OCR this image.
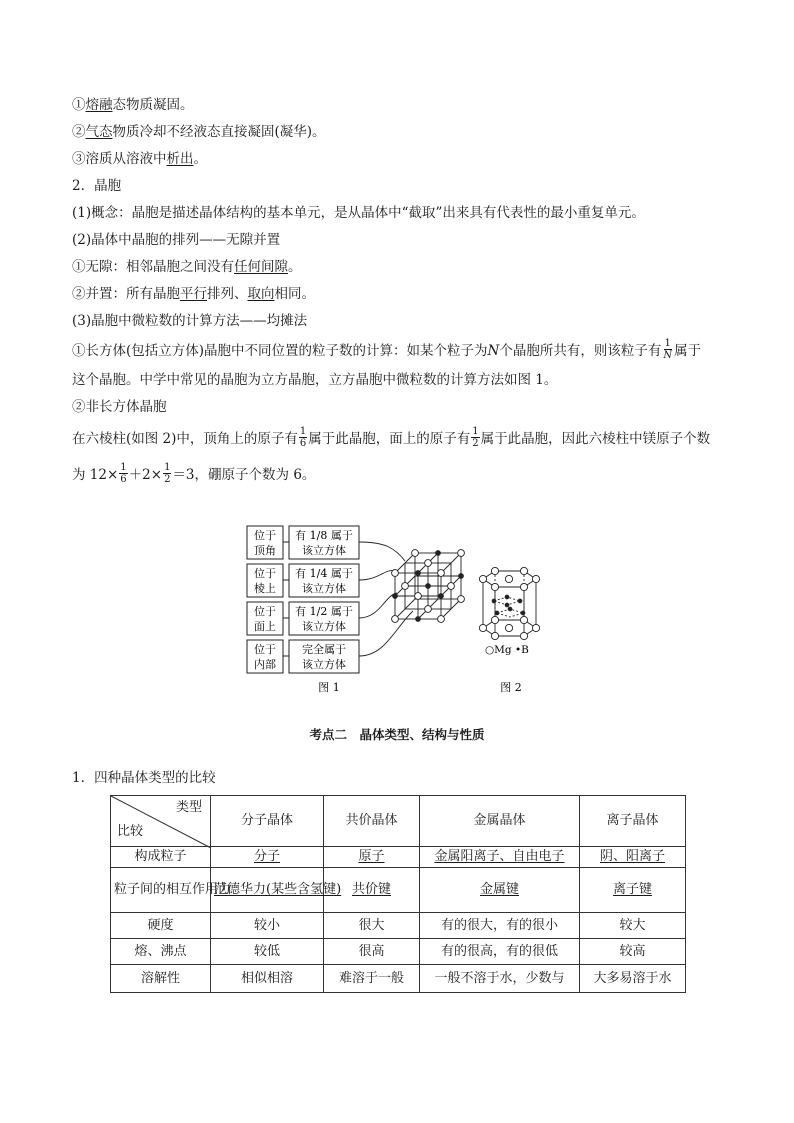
①熔融态物质凝固。
②气态物质冷却不经液态直接凝固(凝华)。
③溶质从溶液中析出。
2．晶胞
(1)概念：晶胞是描述晶体结构的基本单元，是从晶体中“截取”出来具有代表性的最小重复单元。
(2)晶体中晶胞的排列——无隙并置
①无隙：相邻晶胞之间没有任何间隙。
②并置：所有晶胞平行排列、取向相同。
(3)晶胞中微粒数的计算方法——均摊法
①长方体(包括立方体)晶胞中不同位置的粒子数的计算：如某个粒子为N个晶胞所共有，则该粒子有 $\frac{1}{N}$ 属于
这个晶胞。中学中常见的晶胞为立方晶胞，立方晶胞中微粒数的计算方法如图 1。
②非长方体晶胞
在六棱柱(如图 2)中，顶角上的原子有 $\frac{1}{6}$ 属于此晶胞，面上的原子有 $\frac{1}{2}$ 属于此晶胞，因此六棱柱中镁原子个数
为 $12\times \frac{1}{6} +2\times \frac{1}{2} =3$，硼原子个数为 6。
位于
顶角
有 1/8 属于
该立方体
位于
棱上
有 1/4 属于
该立方体
位于
面上
有 1/2 属于
该立方体
位于
内部
完全属于
该立方体
○Mg •B
图 1	图 2
考点二　晶体类型、结构与性质
1．四种晶体类型的比较
类型
比较	分子晶体	共价晶体	金属晶体	离子晶体
构成粒子	分子	原子	金属阳离子、自由电子	阴、阳离子
粒子间的相互作用力	范德华力(某些含氢键)	共价键	金属键	离子键
硬度	较小	很大	有的很大，有的很小	较大
熔、沸点	较低	很高	有的很高，有的很低	较高
溶解性	相似相溶	难溶于一般	一般不溶于水，少数与	大多易溶于水
